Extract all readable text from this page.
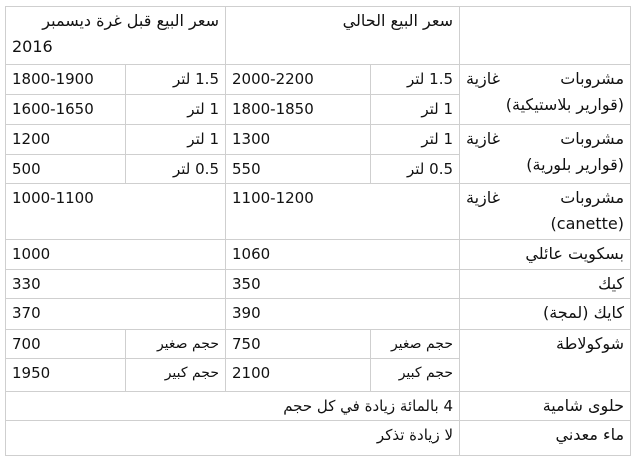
	سعر البيع الحالي		سعر البيع قبل غرة ديسمبر
2016	

مشروبات
غازية
(قوارير بلاستيكية)	1.5 لتر	2000-2200	1.5 لتر	1800-1900
	1 لتر	1800-1850	1 لتر	1600-1650

مشروبات
غازية
(قوارير بلورية)	1 لتر	1300	1 لتر	1200
	0.5 لتر	550	0.5 لتر	500

مشروبات
غازية
(canette)	1100-1200		1000-1100	
بسكويت عائلي	1060		1000	
كيك	350		330	
كايك (لمجة)	390		370	
شوكولاطة	حجم صغير	750	حجم صغير	700
	حجم كبير	2100	حجم كبير	1950
حلوى شامية	4 بالمائة زيادة في كل حجم			
ماء معدني	لا زيادة تذكر			
